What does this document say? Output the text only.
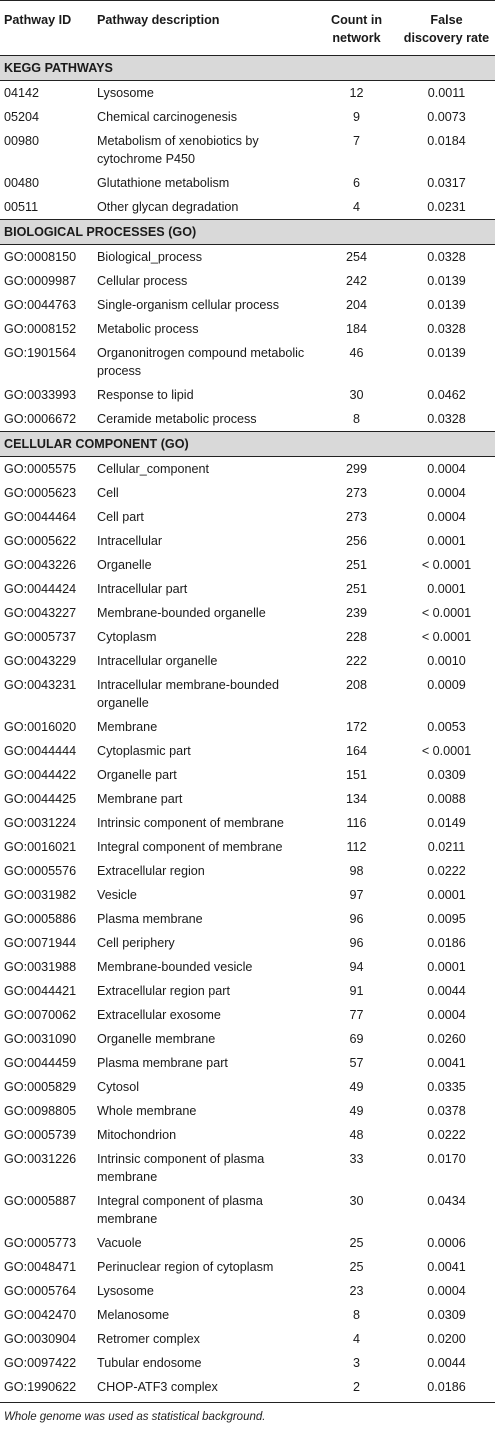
Pathway ID	Pathway description	Count in network	False discovery rate
KEGG PATHWAYS			
04142	Lysosome	12	0.0011
05204	Chemical carcinogenesis	9	0.0073
00980	Metabolism of xenobiotics by cytochrome P450	7	0.0184
00480	Glutathione metabolism	6	0.0317
00511	Other glycan degradation	4	0.0231
BIOLOGICAL PROCESSES (GO)			
GO:0008150	Biological_process	254	0.0328
GO:0009987	Cellular process	242	0.0139
GO:0044763	Single-organism cellular process	204	0.0139
GO:0008152	Metabolic process	184	0.0328
GO:1901564	Organonitrogen compound metabolic process	46	0.0139
GO:0033993	Response to lipid	30	0.0462
GO:0006672	Ceramide metabolic process	8	0.0328
CELLULAR COMPONENT (GO)			
GO:0005575	Cellular_component	299	0.0004
GO:0005623	Cell	273	0.0004
GO:0044464	Cell part	273	0.0004
GO:0005622	Intracellular	256	0.0001
GO:0043226	Organelle	251	< 0.0001
GO:0044424	Intracellular part	251	0.0001
GO:0043227	Membrane-bounded organelle	239	< 0.0001
GO:0005737	Cytoplasm	228	< 0.0001
GO:0043229	Intracellular organelle	222	0.0010
GO:0043231	Intracellular membrane-bounded organelle	208	0.0009
GO:0016020	Membrane	172	0.0053
GO:0044444	Cytoplasmic part	164	< 0.0001
GO:0044422	Organelle part	151	0.0309
GO:0044425	Membrane part	134	0.0088
GO:0031224	Intrinsic component of membrane	116	0.0149
GO:0016021	Integral component of membrane	112	0.0211
GO:0005576	Extracellular region	98	0.0222
GO:0031982	Vesicle	97	0.0001
GO:0005886	Plasma membrane	96	0.0095
GO:0071944	Cell periphery	96	0.0186
GO:0031988	Membrane-bounded vesicle	94	0.0001
GO:0044421	Extracellular region part	91	0.0044
GO:0070062	Extracellular exosome	77	0.0004
GO:0031090	Organelle membrane	69	0.0260
GO:0044459	Plasma membrane part	57	0.0041
GO:0005829	Cytosol	49	0.0335
GO:0098805	Whole membrane	49	0.0378
GO:0005739	Mitochondrion	48	0.0222
GO:0031226	Intrinsic component of plasma membrane	33	0.0170
GO:0005887	Integral component of plasma membrane	30	0.0434
GO:0005773	Vacuole	25	0.0006
GO:0048471	Perinuclear region of cytoplasm	25	0.0041
GO:0005764	Lysosome	23	0.0004
GO:0042470	Melanosome	8	0.0309
GO:0030904	Retromer complex	4	0.0200
GO:0097422	Tubular endosome	3	0.0044
GO:1990622	CHOP-ATF3 complex	2	0.0186
Whole genome was used as statistical background.
